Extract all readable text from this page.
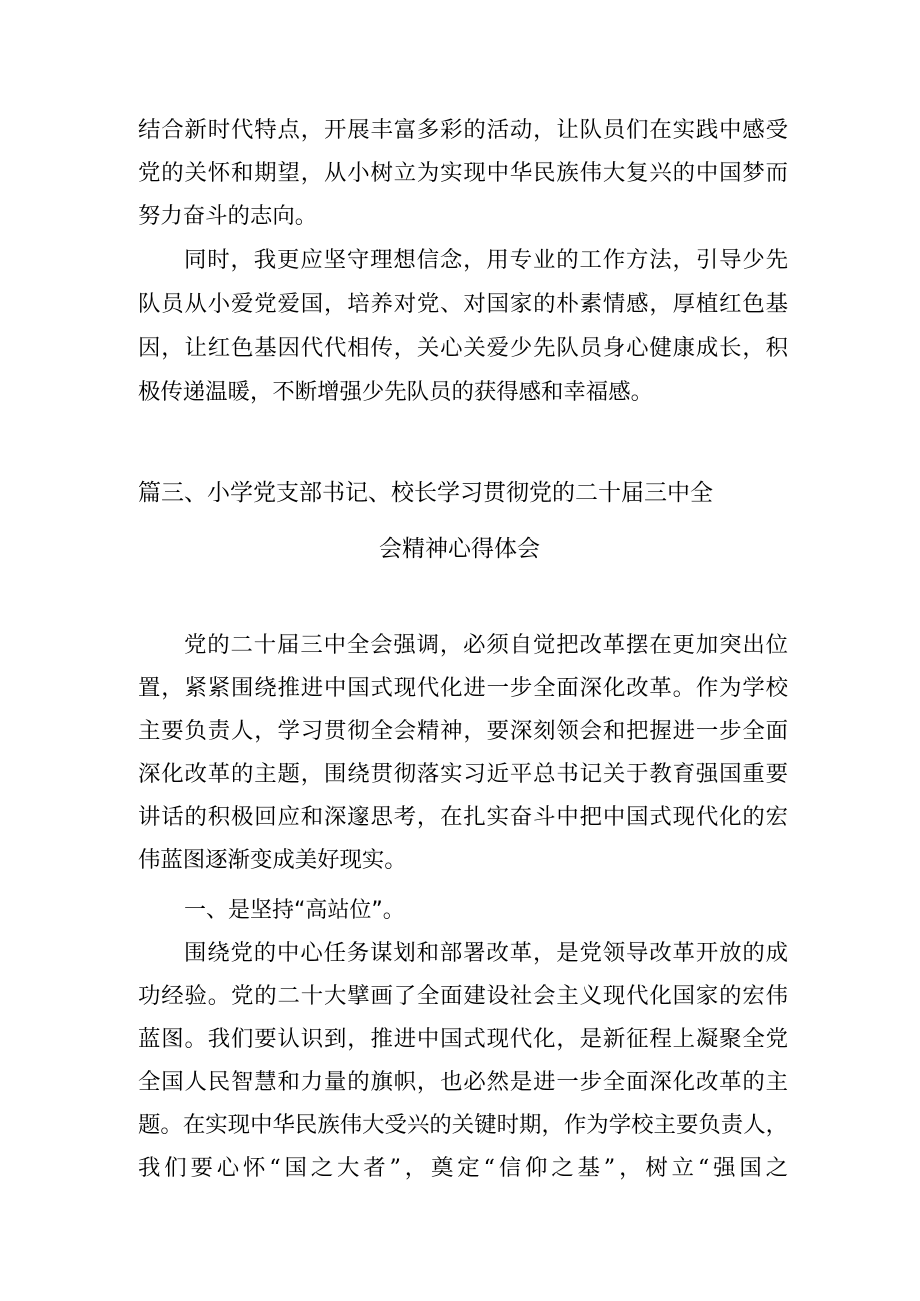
结合新时代特点，开展丰富多彩的活动，让队员们在实践中感受
党的关怀和期望，从小树立为实现中华民族伟大复兴的中国梦而
努力奋斗的志向。
同时，我更应坚守理想信念，用专业的工作方法，引导少先
队员从小爱党爱国，培养对党、对国家的朴素情感，厚植红色基
因，让红色基因代代相传，关心关爱少先队员身心健康成长，积
极传递温暖，不断增强少先队员的获得感和幸福感。
篇三、小学党支部书记、校长学习贯彻党的二十届三中全
会精神心得体会
党的二十届三中全会强调，必须自觉把改革摆在更加突出位
置，紧紧围绕推进中国式现代化进一步全面深化改革。作为学校
主要负责人，学习贯彻全会精神，要深刻领会和把握进一步全面
深化改革的主题，围绕贯彻落实习近平总书记关于教育强国重要
讲话的积极回应和深邃思考，在扎实奋斗中把中国式现代化的宏
伟蓝图逐渐变成美好现实。
一、是坚持“高站位”。
围绕党的中心任务谋划和部署改革，是党领导改革开放的成
功经验。党的二十大擘画了全面建设社会主义现代化国家的宏伟
蓝图。我们要认识到，推进中国式现代化，是新征程上凝聚全党
全国人民智慧和力量的旗帜，也必然是进一步全面深化改革的主
题。在实现中华民族伟大受兴的关键时期，作为学校主要负责人，
我们要心怀“国之大者”，奠定“信仰之基”，树立“强国之
